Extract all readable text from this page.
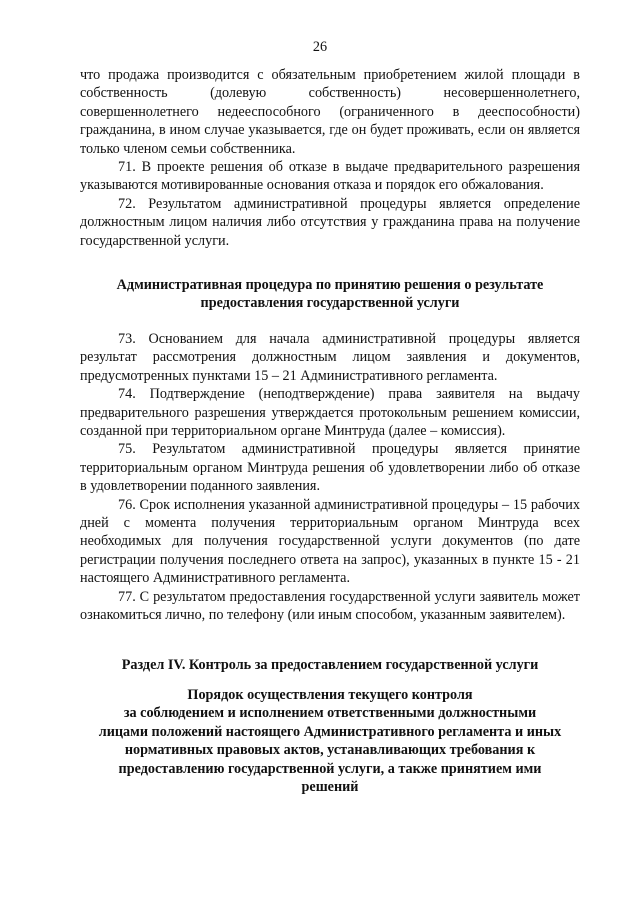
26

что продажа производится с обязательным приобретением жилой площади в собственность (долевую собственность) несовершеннолетнего, совершеннолетнего недееспособного (ограниченного в дееспособности) гражданина, в ином случае указывается, где он будет проживать, если он является только членом семьи собственника.

71. В проекте решения об отказе в выдаче предварительного разрешения указываются мотивированные основания отказа и порядок его обжалования.

72. Результатом административной процедуры является определение должностным лицом наличия либо отсутствия у гражданина права на получение государственной услуги.

Административная процедура по принятию решения о результате предоставления государственной услуги

73. Основанием для начала административной процедуры является результат рассмотрения должностным лицом заявления и документов, предусмотренных пунктами 15 – 21 Административного регламента.

74. Подтверждение (неподтверждение) права заявителя на выдачу предварительного разрешения утверждается протокольным решением комиссии, созданной при территориальном органе Минтруда (далее – комиссия).

75. Результатом административной процедуры является принятие территориальным органом Минтруда решения об удовлетворении либо об отказе в удовлетворении поданного заявления.

76. Срок исполнения указанной административной процедуры – 15 рабочих дней с момента получения территориальным органом Минтруда всех необходимых для получения государственной услуги документов (по дате регистрации получения последнего ответа на запрос), указанных в пункте 15 - 21 настоящего Административного регламента.

77. С результатом предоставления государственной услуги заявитель может ознакомиться лично, по телефону (или иным способом, указанным заявителем).

Раздел IV. Контроль за предоставлением государственной услуги

Порядок осуществления текущего контроля

за соблюдением и исполнением ответственными должностными

лицами положений настоящего Административного регламента и иных

нормативных правовых актов, устанавливающих требования к

предоставлению государственной услуги, а также принятием ими

решений
